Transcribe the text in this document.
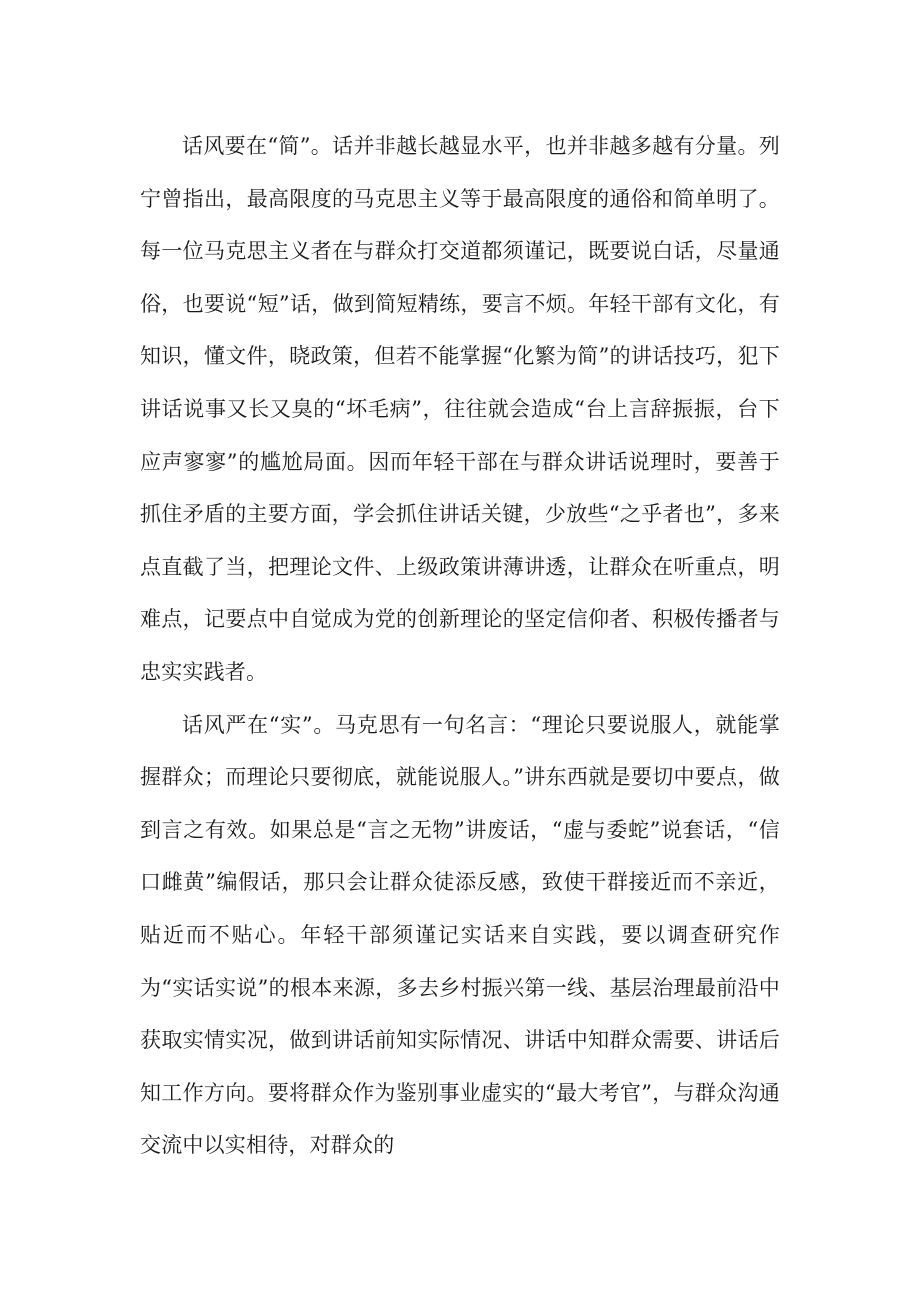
话风要在“简”。话并非越长越显水平，也并非越多越有分量。列宁曾指出，最高限度的马克思主义等于最高限度的通俗和简单明了。每一位马克思主义者在与群众打交道都须谨记，既要说白话，尽量通俗，也要说“短”话，做到简短精练，要言不烦。年轻干部有文化，有知识，懂文件，晓政策，但若不能掌握“化繁为简”的讲话技巧，犯下讲话说事又长又臭的“坏毛病”，往往就会造成“台上言辞振振，台下应声寥寥”的尴尬局面。因而年轻干部在与群众讲话说理时，要善于抓住矛盾的主要方面，学会抓住讲话关键，少放些“之乎者也”，多来点直截了当，把理论文件、上级政策讲薄讲透，让群众在听重点，明难点，记要点中自觉成为党的创新理论的坚定信仰者、积极传播者与忠实实践者。

话风严在“实”。马克思有一句名言：“理论只要说服人，就能掌握群众；而理论只要彻底，就能说服人。”讲东西就是要切中要点，做到言之有效。如果总是“言之无物”讲废话，“虚与委蛇”说套话，“信口雌黄”编假话，那只会让群众徒添反感，致使干群接近而不亲近，贴近而不贴心。年轻干部须谨记实话来自实践，要以调查研究作为“实话实说”的根本来源，多去乡村振兴第一线、基层治理最前沿中获取实情实况，做到讲话前知实际情况、讲话中知群众需要、讲话后知工作方向。要将群众作为鉴别事业虚实的“最大考官”，与群众沟通交流中以实相待，对群众的
